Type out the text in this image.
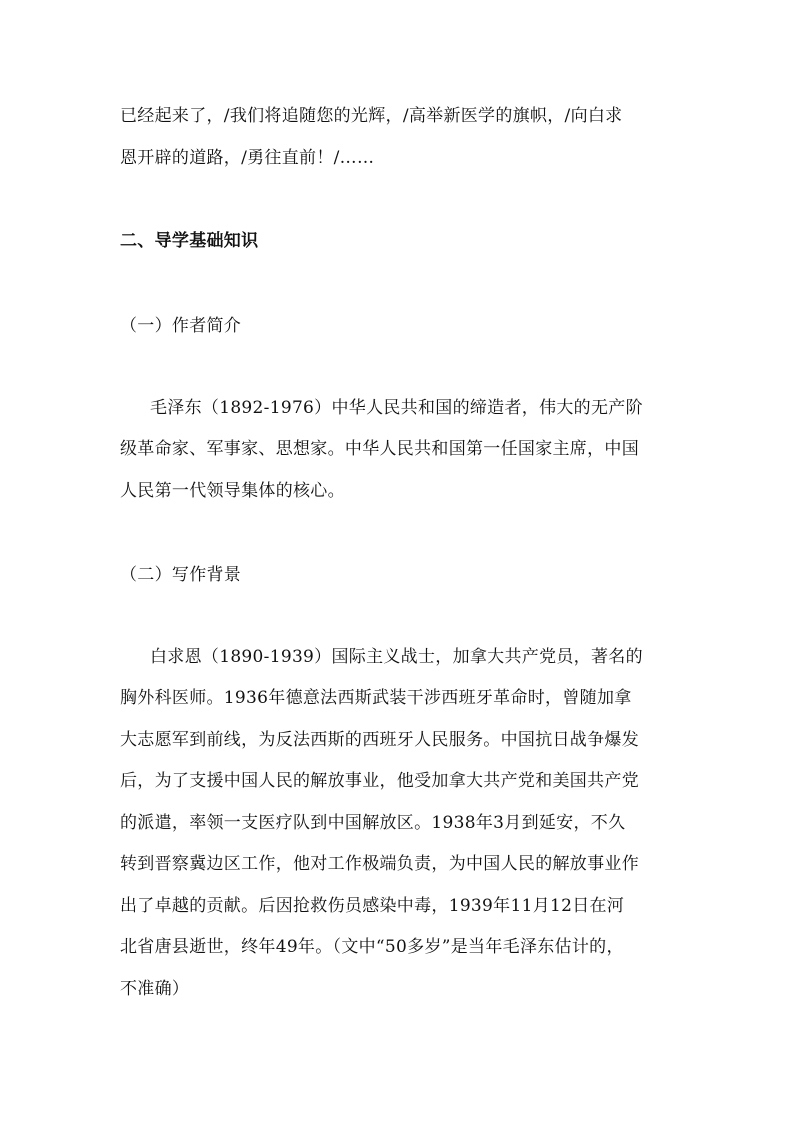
已经起来了，/我们将追随您的光辉，/高举新医学的旗帜，/向白求
恩开辟的道路，/勇往直前！/……
二、导学基础知识
（一）作者简介
毛泽东（1892-1976）中华人民共和国的缔造者，伟大的无产阶
级革命家、军事家、思想家。中华人民共和国第一任国家主席，中国
人民第一代领导集体的核心。
（二）写作背景
白求恩（1890-1939）国际主义战士，加拿大共产党员，著名的
胸外科医师。1936年德意法西斯武装干涉西班牙革命时，曾随加拿
大志愿军到前线，为反法西斯的西班牙人民服务。中国抗日战争爆发
后，为了支援中国人民的解放事业，他受加拿大共产党和美国共产党
的派遣，率领一支医疗队到中国解放区。1938年3月到延安，不久
转到晋察冀边区工作，他对工作极端负责，为中国人民的解放事业作
出了卓越的贡献。后因抢救伤员感染中毒，1939年11月12日在河
北省唐县逝世，终年49年。（文中“50多岁”是当年毛泽东估计的，
不准确）
